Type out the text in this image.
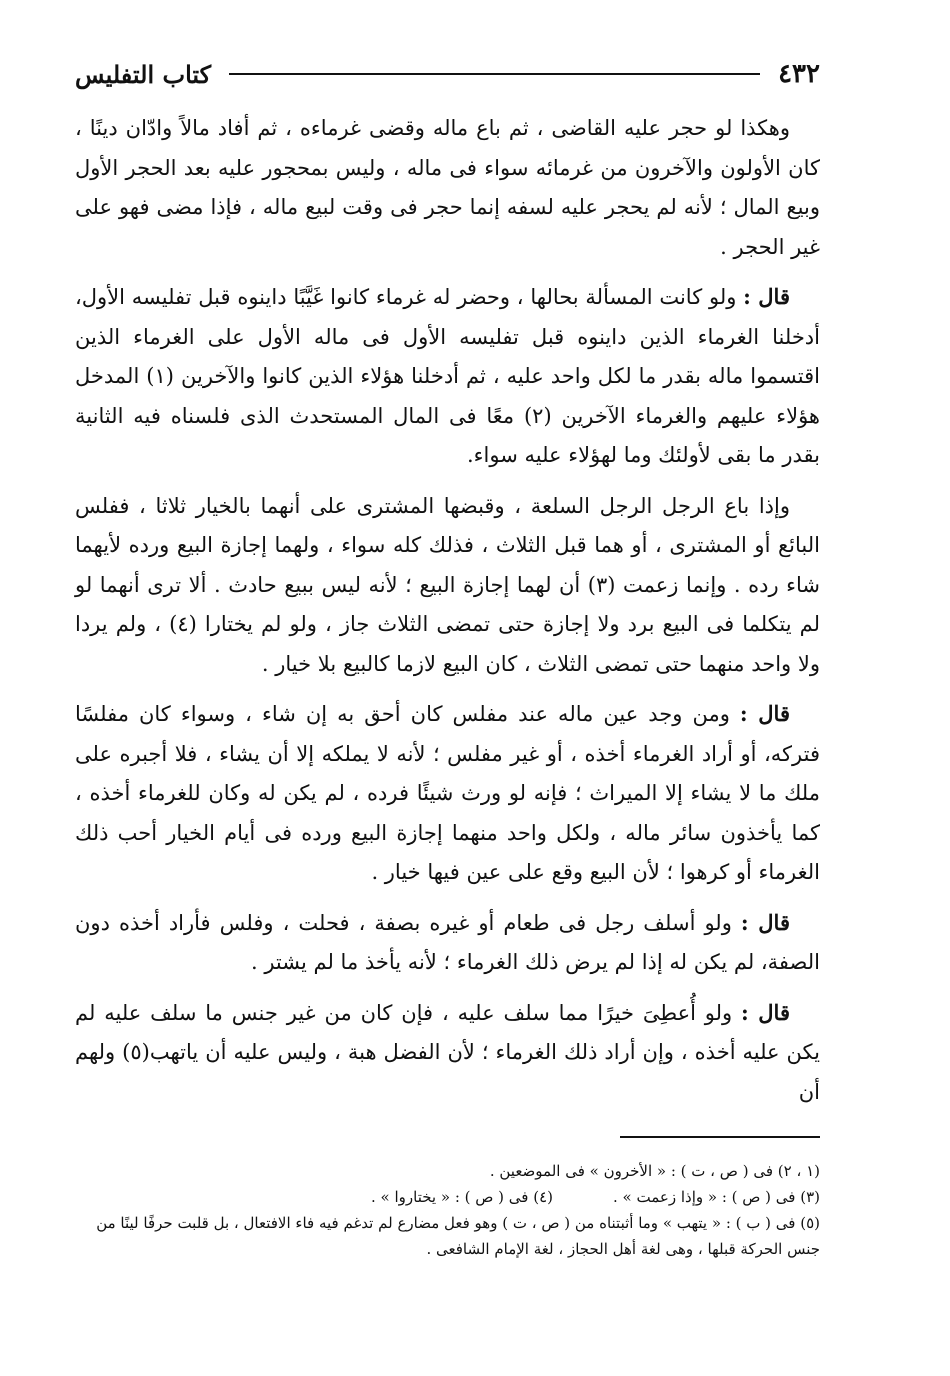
٤٣٢
كتاب التفليس

وهكذا لو حجر عليه القاضى ، ثم باع ماله وقضى غرماءه ، ثم أفاد مالاً وادّان دينًا ، كان الأولون والآخرون من غرمائه سواء فى ماله ، وليس بمحجور عليه بعد الحجر الأول وبيع المال ؛ لأنه لم يحجر عليه لسفه إنما حجر فى وقت لبيع ماله ، فإذا مضى فهو على غير الحجر .

قال : ولو كانت المسألة بحالها ، وحضر له غرماء كانوا غَيَّبًا داينوه قبل تفليسه الأول، أدخلنا الغرماء الذين داينوه قبل تفليسه الأول فى ماله الأول على الغرماء الذين اقتسموا ماله بقدر ما لكل واحد عليه ، ثم أدخلنا هؤلاء الذين كانوا والآخرين (١) المدخل هؤلاء عليهم والغرماء الآخرين (٢) معًا فى المال المستحدث الذى فلسناه فيه الثانية بقدر ما بقى لأولئك وما لهؤلاء عليه سواء.

وإذا باع الرجل الرجل السلعة ، وقبضها المشترى على أنهما بالخيار ثلاثا ، ففلس البائع أو المشترى ، أو هما قبل الثلاث ، فذلك كله سواء ، ولهما إجازة البيع ورده لأيهما شاء رده . وإنما زعمت (٣) أن لهما إجازة البيع ؛ لأنه ليس ببيع حادث . ألا ترى أنهما لو لم يتكلما فى البيع برد ولا إجازة حتى تمضى الثلاث جاز ، ولو لم يختارا (٤) ، ولم يردا ولا واحد منهما حتى تمضى الثلاث ، كان البيع لازما كالبيع بلا خيار .

قال : ومن وجد عين ماله عند مفلس كان أحق به إن شاء ، وسواء كان مفلسًا فتركه، أو أراد الغرماء أخذه ، أو غير مفلس ؛ لأنه لا يملكه إلا أن يشاء ، فلا أجبره على ملك ما لا يشاء إلا الميراث ؛ فإنه لو ورث شيئًا فرده ، لم يكن له وكان للغرماء أخذه ، كما يأخذون سائر ماله ، ولكل واحد منهما إجازة البيع ورده فى أيام الخيار أحب ذلك الغرماء أو كرهوا ؛ لأن البيع وقع على عين فيها خيار .

قال : ولو أسلف رجل فى طعام أو غيره بصفة ، فحلت ، وفلس فأراد أخذه دون الصفة، لم يكن له إذا لم يرض ذلك الغرماء ؛ لأنه يأخذ ما لم يشتر .

قال : ولو أُعطِىَ خيرًا مما سلف عليه ، فإن كان من غير جنس ما سلف عليه لم يكن عليه أخذه ، وإن أراد ذلك الغرماء ؛ لأن الفضل هبة ، وليس عليه أن ياتهب(٥) ولهم أن

(١ ، ٢) فى ( ص ، ت ) : « الأخرون » فى الموضعين .
(٣) فى ( ص ) : « وإذا زعمت » .
(٤) فى ( ص ) : « يختاروا » .
(٥) فى ( ب ) : « يتهب » وما أثبتناه من ( ص ، ت ) وهو فعل مضارع لم تدغم فيه فاء الافتعال ، بل قلبت حرفًا لينًا من جنس الحركة قبلها ، وهى لغة أهل الحجاز ، لغة الإمام الشافعى .
